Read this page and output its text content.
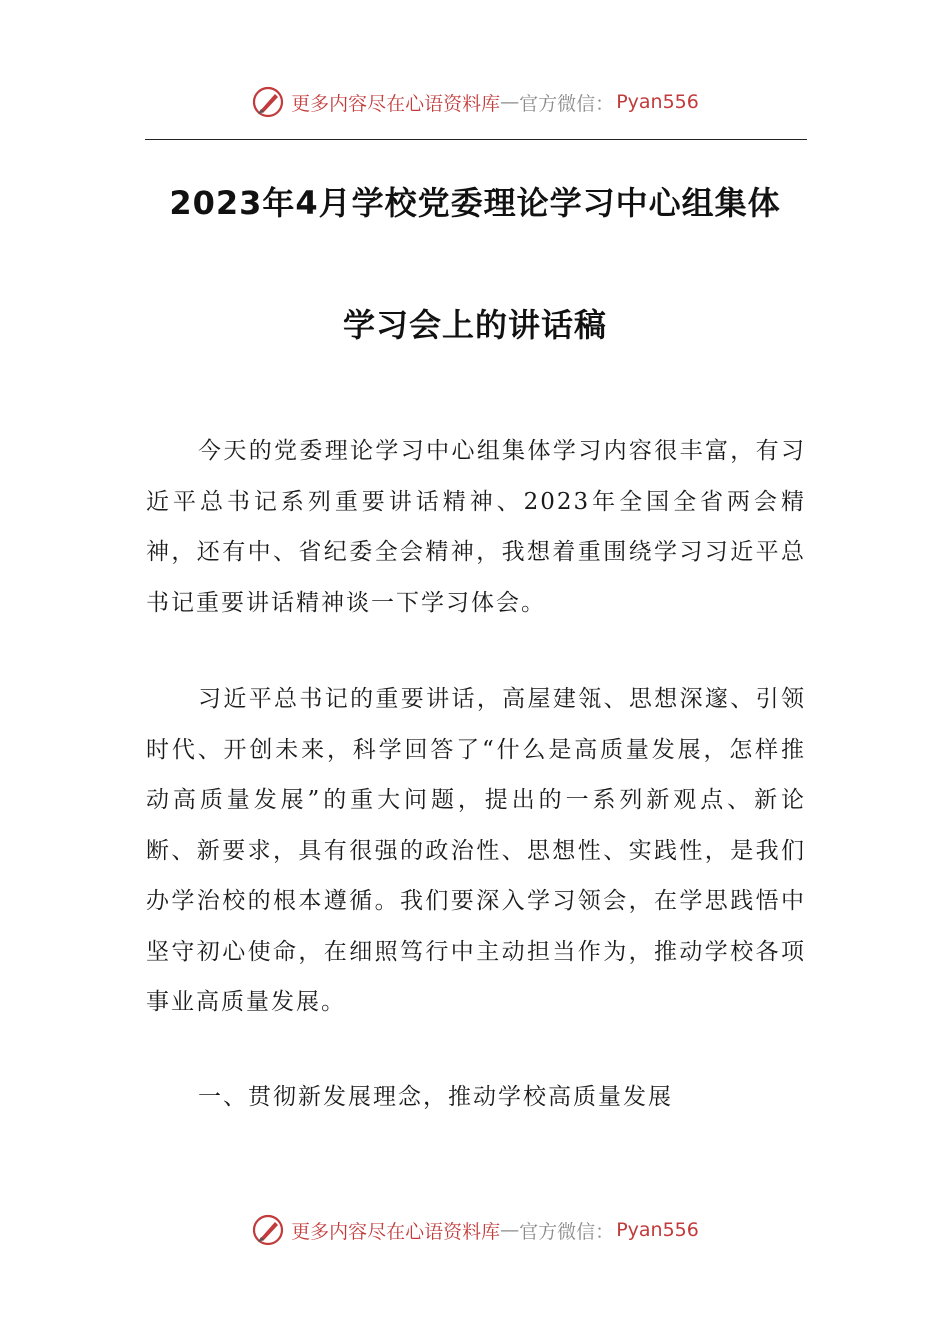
更多内容尽在心语资料库 — 官方微信： Pyan556
2023年4月学校党委理论学习中心组集体
学习会上的讲话稿

今天的党委理论学习中心组集体学习内容很丰富，有习近平总书记系列重要讲话精神、2023年全国全省两会精神，还有中、省纪委全会精神，我想着重围绕学习习近平总书记重要讲话精神谈一下学习体会。

习近平总书记的重要讲话，高屋建瓴、思想深邃、引领时代、开创未来，科学回答了“什么是高质量发展，怎样推动高质量发展”的重大问题，提出的一系列新观点、新论断、新要求，具有很强的政治性、思想性、实践性，是我们办学治校的根本遵循。我们要深入学习领会，在学思践悟中坚守初心使命，在细照笃行中主动担当作为，推动学校各项事业高质量发展。

一、贯彻新发展理念，推动学校高质量发展

更多内容尽在心语资料库 — 官方微信： Pyan556
